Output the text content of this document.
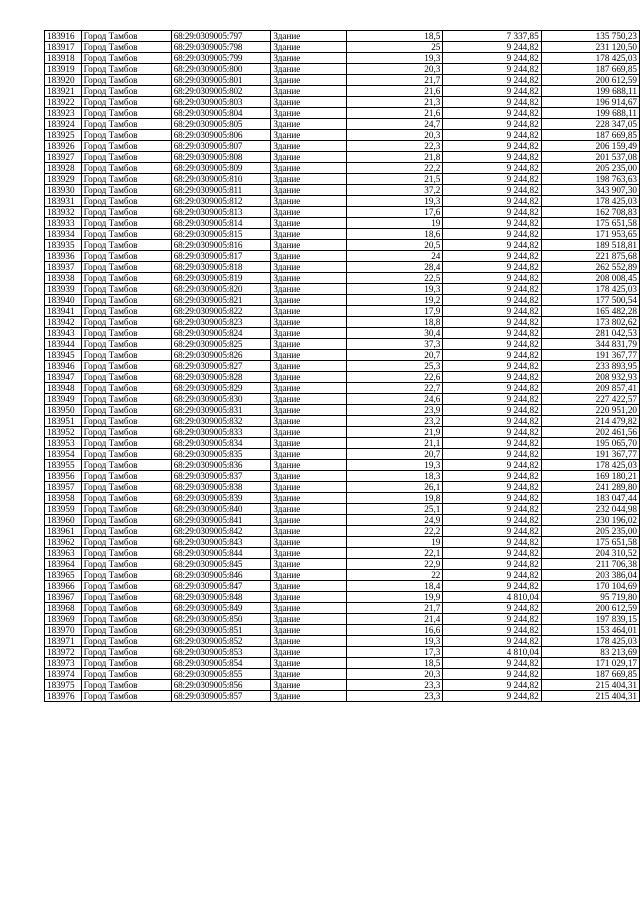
183916	Город Тамбов	68:29:0309005:797	Здание	18,5	7 337,85	135 750,23
183917	Город Тамбов	68:29:0309005:798	Здание	25	9 244,82	231 120,50
183918	Город Тамбов	68:29:0309005:799	Здание	19,3	9 244,82	178 425,03
183919	Город Тамбов	68:29:0309005:800	Здание	20,3	9 244,82	187 669,85
183920	Город Тамбов	68:29:0309005:801	Здание	21,7	9 244,82	200 612,59
183921	Город Тамбов	68:29:0309005:802	Здание	21,6	9 244,82	199 688,11
183922	Город Тамбов	68:29:0309005:803	Здание	21,3	9 244,82	196 914,67
183923	Город Тамбов	68:29:0309005:804	Здание	21,6	9 244,82	199 688,11
183924	Город Тамбов	68:29:0309005:805	Здание	24,7	9 244,82	228 347,05
183925	Город Тамбов	68:29:0309005:806	Здание	20,3	9 244,82	187 669,85
183926	Город Тамбов	68:29:0309005:807	Здание	22,3	9 244,82	206 159,49
183927	Город Тамбов	68:29:0309005:808	Здание	21,8	9 244,82	201 537,08
183928	Город Тамбов	68:29:0309005:809	Здание	22,2	9 244,82	205 235,00
183929	Город Тамбов	68:29:0309005:810	Здание	21,5	9 244,82	198 763,63
183930	Город Тамбов	68:29:0309005:811	Здание	37,2	9 244,82	343 907,30
183931	Город Тамбов	68:29:0309005:812	Здание	19,3	9 244,82	178 425,03
183932	Город Тамбов	68:29:0309005:813	Здание	17,6	9 244,82	162 708,83
183933	Город Тамбов	68:29:0309005:814	Здание	19	9 244,82	175 651,58
183934	Город Тамбов	68:29:0309005:815	Здание	18,6	9 244,82	171 953,65
183935	Город Тамбов	68:29:0309005:816	Здание	20,5	9 244,82	189 518,81
183936	Город Тамбов	68:29:0309005:817	Здание	24	9 244,82	221 875,68
183937	Город Тамбов	68:29:0309005:818	Здание	28,4	9 244,82	262 552,89
183938	Город Тамбов	68:29:0309005:819	Здание	22,5	9 244,82	208 008,45
183939	Город Тамбов	68:29:0309005:820	Здание	19,3	9 244,82	178 425,03
183940	Город Тамбов	68:29:0309005:821	Здание	19,2	9 244,82	177 500,54
183941	Город Тамбов	68:29:0309005:822	Здание	17,9	9 244,82	165 482,28
183942	Город Тамбов	68:29:0309005:823	Здание	18,8	9 244,82	173 802,62
183943	Город Тамбов	68:29:0309005:824	Здание	30,4	9 244,82	281 042,53
183944	Город Тамбов	68:29:0309005:825	Здание	37,3	9 244,82	344 831,79
183945	Город Тамбов	68:29:0309005:826	Здание	20,7	9 244,82	191 367,77
183946	Город Тамбов	68:29:0309005:827	Здание	25,3	9 244,82	233 893,95
183947	Город Тамбов	68:29:0309005:828	Здание	22,6	9 244,82	208 932,93
183948	Город Тамбов	68:29:0309005:829	Здание	22,7	9 244,82	209 857,41
183949	Город Тамбов	68:29:0309005:830	Здание	24,6	9 244,82	227 422,57
183950	Город Тамбов	68:29:0309005:831	Здание	23,9	9 244,82	220 951,20
183951	Город Тамбов	68:29:0309005:832	Здание	23,2	9 244,82	214 479,82
183952	Город Тамбов	68:29:0309005:833	Здание	21,9	9 244,82	202 461,56
183953	Город Тамбов	68:29:0309005:834	Здание	21,1	9 244,82	195 065,70
183954	Город Тамбов	68:29:0309005:835	Здание	20,7	9 244,82	191 367,77
183955	Город Тамбов	68:29:0309005:836	Здание	19,3	9 244,82	178 425,03
183956	Город Тамбов	68:29:0309005:837	Здание	18,3	9 244,82	169 180,21
183957	Город Тамбов	68:29:0309005:838	Здание	26,1	9 244,82	241 289,80
183958	Город Тамбов	68:29:0309005:839	Здание	19,8	9 244,82	183 047,44
183959	Город Тамбов	68:29:0309005:840	Здание	25,1	9 244,82	232 044,98
183960	Город Тамбов	68:29:0309005:841	Здание	24,9	9 244,82	230 196,02
183961	Город Тамбов	68:29:0309005:842	Здание	22,2	9 244,82	205 235,00
183962	Город Тамбов	68:29:0309005:843	Здание	19	9 244,82	175 651,58
183963	Город Тамбов	68:29:0309005:844	Здание	22,1	9 244,82	204 310,52
183964	Город Тамбов	68:29:0309005:845	Здание	22,9	9 244,82	211 706,38
183965	Город Тамбов	68:29:0309005:846	Здание	22	9 244,82	203 386,04
183966	Город Тамбов	68:29:0309005:847	Здание	18,4	9 244,82	170 104,69
183967	Город Тамбов	68:29:0309005:848	Здание	19,9	4 810,04	95 719,80
183968	Город Тамбов	68:29:0309005:849	Здание	21,7	9 244,82	200 612,59
183969	Город Тамбов	68:29:0309005:850	Здание	21,4	9 244,82	197 839,15
183970	Город Тамбов	68:29:0309005:851	Здание	16,6	9 244,82	153 464,01
183971	Город Тамбов	68:29:0309005:852	Здание	19,3	9 244,82	178 425,03
183972	Город Тамбов	68:29:0309005:853	Здание	17,3	4 810,04	83 213,69
183973	Город Тамбов	68:29:0309005:854	Здание	18,5	9 244,82	171 029,17
183974	Город Тамбов	68:29:0309005:855	Здание	20,3	9 244,82	187 669,85
183975	Город Тамбов	68:29:0309005:856	Здание	23,3	9 244,82	215 404,31
183976	Город Тамбов	68:29:0309005:857	Здание	23,3	9 244,82	215 404,31
